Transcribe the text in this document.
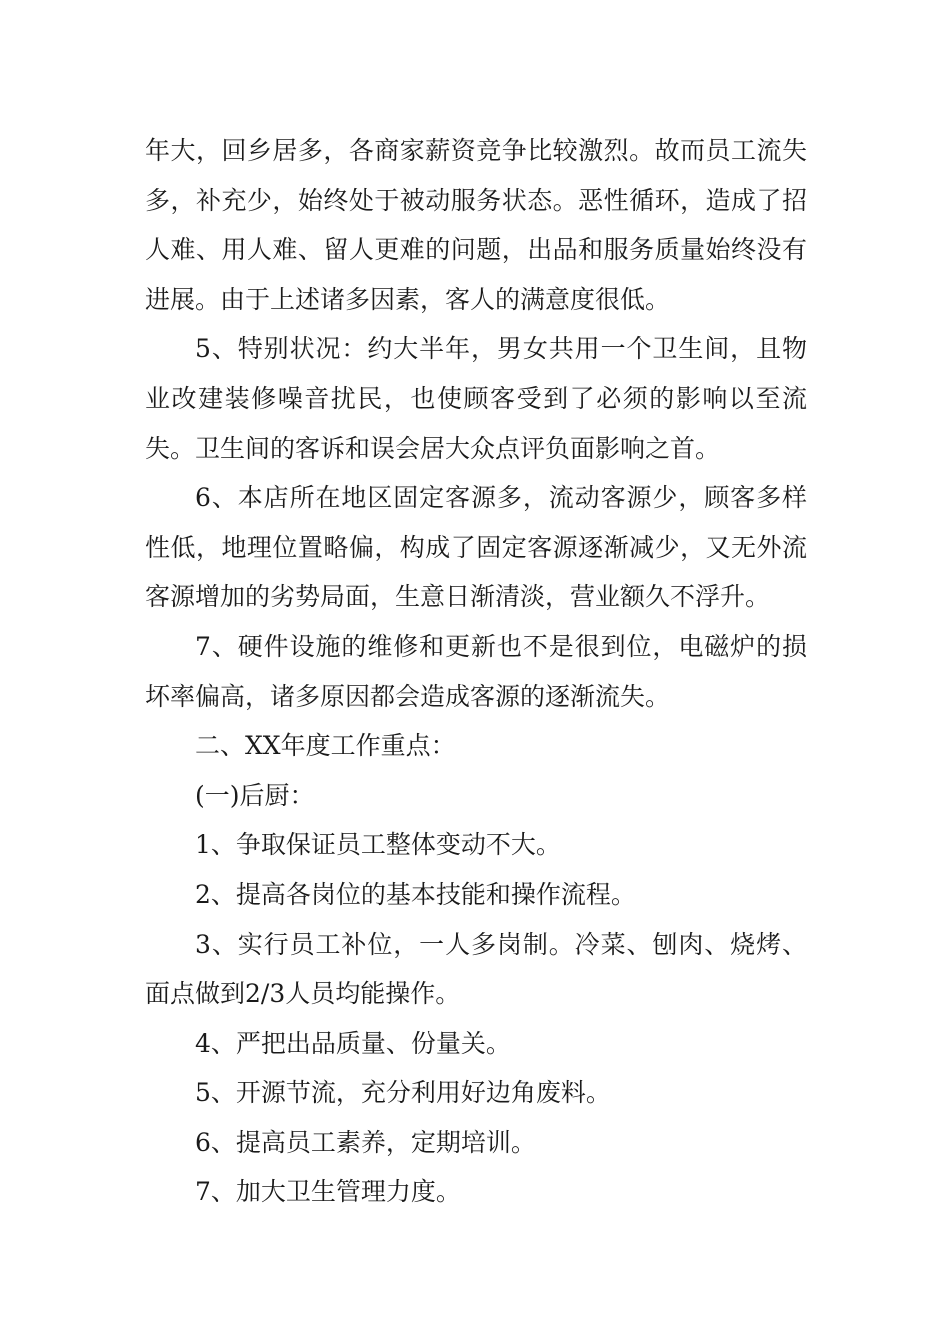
年大，回乡居多，各商家薪资竞争比较激烈。故而员工流失多，补充少，始终处于被动服务状态。恶性循环，造成了招人难、用人难、留人更难的问题，出品和服务质量始终没有进展。由于上述诸多因素，客人的满意度很低。

5、特别状况：约大半年，男女共用一个卫生间，且物业改建装修噪音扰民，也使顾客受到了必须的影响以至流失。卫生间的客诉和误会居大众点评负面影响之首。

6、本店所在地区固定客源多，流动客源少，顾客多样性低，地理位置略偏，构成了固定客源逐渐减少，又无外流客源增加的劣势局面，生意日渐清淡，营业额久不浮升。

7、硬件设施的维修和更新也不是很到位，电磁炉的损坏率偏高，诸多原因都会造成客源的逐渐流失。

二、XX年度工作重点：

(一)后厨：

1、争取保证员工整体变动不大。

2、提高各岗位的基本技能和操作流程。

3、实行员工补位，一人多岗制。冷菜、刨肉、烧烤、面点做到2/3人员均能操作。

4、严把出品质量、份量关。

5、开源节流，充分利用好边角废料。

6、提高员工素养，定期培训。

7、加大卫生管理力度。
